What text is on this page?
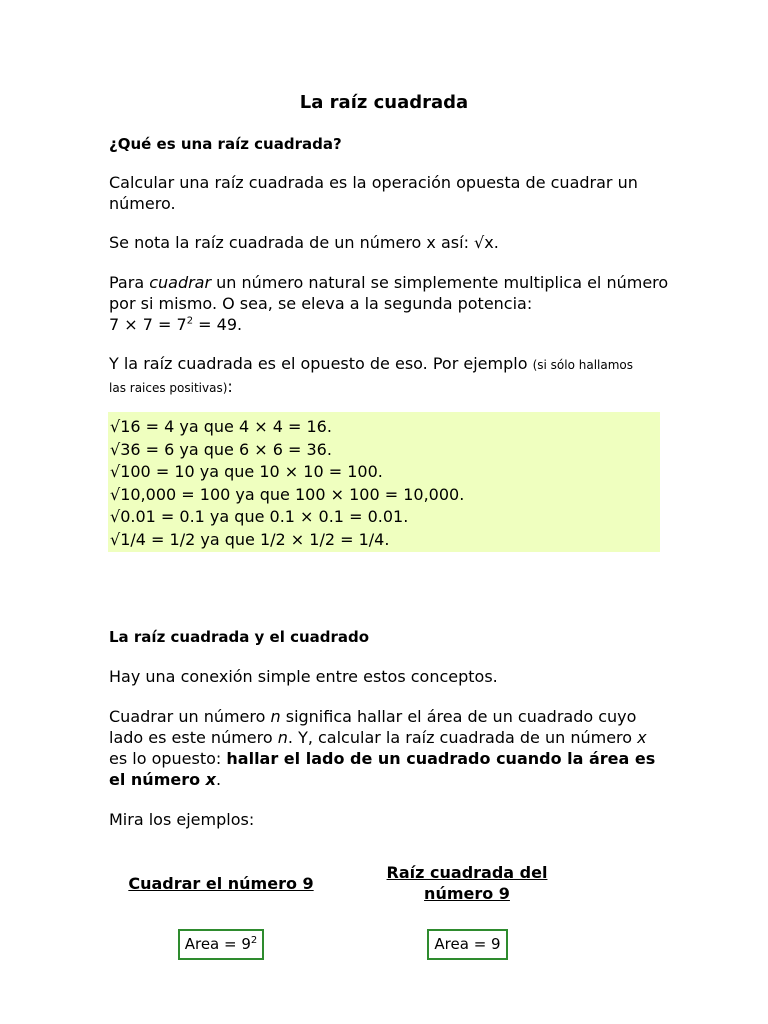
La raíz cuadrada
¿Qué es una raíz cuadrada?

Calcular una raíz cuadrada es la operación opuesta de cuadrar un número.

Se nota la raíz cuadrada de un número x así: √x.

Para cuadrar un número natural se simplemente multiplica el número por si mismo. O sea, se eleva a la segunda potencia:
$7 \times 7 = 7^2 = 49$.

Y la raíz cuadrada es el opuesto de eso. Por ejemplo (si sólo hallamos las raices positivas):

√16 = 4 ya que 4 × 4 = 16.
√36 = 6 ya que 6 × 6 = 36.
√100 = 10 ya que 10 × 10 = 100.
√10,000 = 100 ya que 100 × 100 = 10,000.
√0.01 = 0.1 ya que 0.1 × 0.1 = 0.01.
√1/4 = 1/2 ya que 1/2 × 1/2 = 1/4.
La raíz cuadrada y el cuadrado

Hay una conexión simple entre estos conceptos.

Cuadrar un número n significa hallar el área de un cuadrado cuyo lado es este número n. Y, calcular la raíz cuadrada de un número x es lo opuesto: hallar el lado de un cuadrado cuando la área es el número x.

Mira los ejemplos:

Cuadrar el número 9
Raíz cuadrada del número 9
Area = $9^2$	Area = 9
